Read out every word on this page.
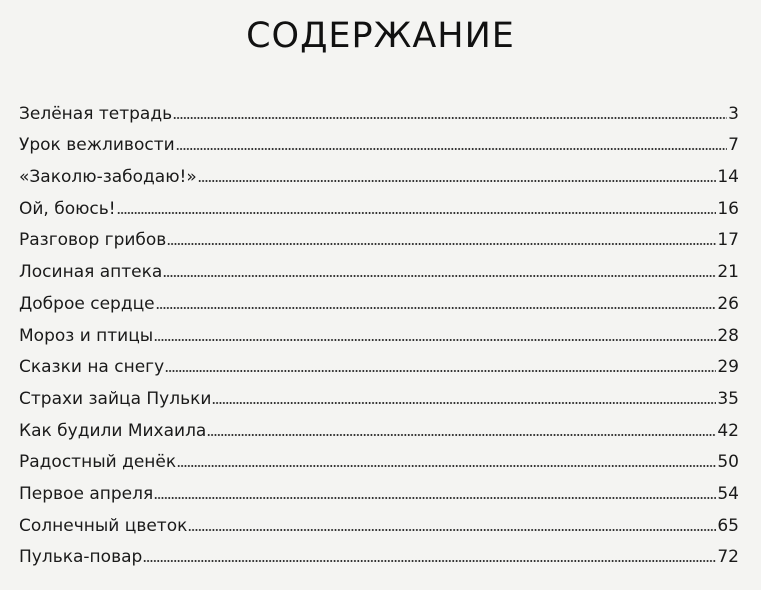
СОДЕРЖАНИЕ
Зелёная тетрадь	3
Урок вежливости	7
«Заколю-забодаю!»	14
Ой, боюсь!	16
Разговор грибов	17
Лосиная аптека	21
Доброе сердце	26
Мороз и птицы	28
Сказки на снегу	29
Страхи зайца Пульки	35
Как будили Михаила	42
Радостный денёк	50
Первое апреля	54
Солнечный цветок	65
Пулька-повар	72
